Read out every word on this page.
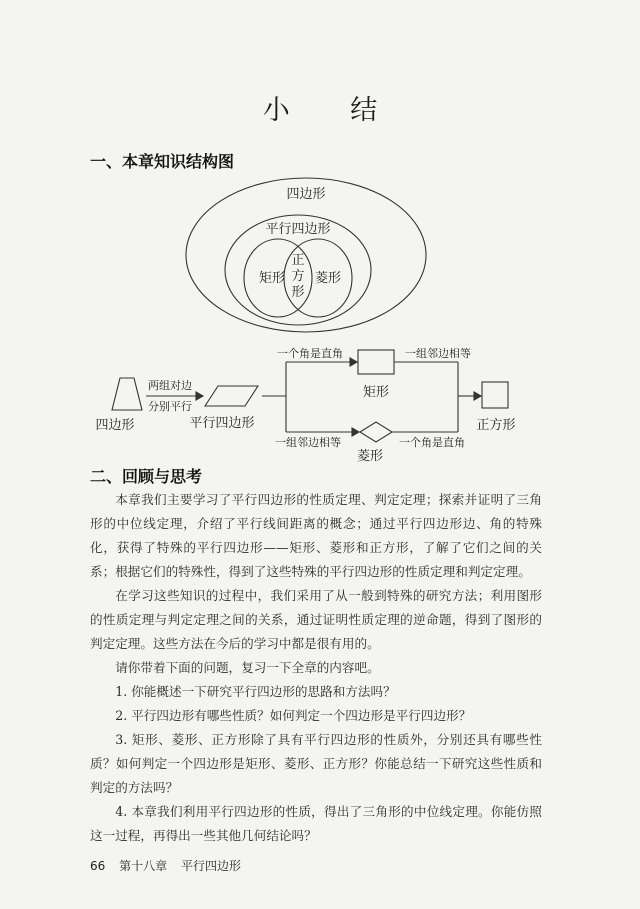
小 结
一、本章知识结构图
四边形
平行四边形
矩形
正
方
形
菱形
四边形
两组对边
分别平行
平行四边形
一个角是直角	一组邻边相等
矩形
一组邻边相等	一个角是直角
菱形
正方形
二、回顾与思考

本章我们主要学习了平行四边形的性质定理、判定定理；探索并证明了三角形的中位线定理，介绍了平行线间距离的概念；通过平行四边形边、角的特殊化，获得了特殊的平行四边形——矩形、菱形和正方形，了解了它们之间的关系；根据它们的特殊性，得到了这些特殊的平行四边形的性质定理和判定定理。

在学习这些知识的过程中，我们采用了从一般到特殊的研究方法；利用图形的性质定理与判定定理之间的关系，通过证明性质定理的逆命题，得到了图形的判定定理。这些方法在今后的学习中都是很有用的。

请你带着下面的问题，复习一下全章的内容吧。

1. 你能概述一下研究平行四边形的思路和方法吗？

2. 平行四边形有哪些性质？如何判定一个四边形是平行四边形？

3. 矩形、菱形、正方形除了具有平行四边形的性质外，分别还具有哪些性质？如何判定一个四边形是矩形、菱形、正方形？你能总结一下研究这些性质和判定的方法吗？

4. 本章我们利用平行四边形的性质，得出了三角形的中位线定理。你能仿照这一过程，再得出一些其他几何结论吗？

66 第十八章 平行四边形
